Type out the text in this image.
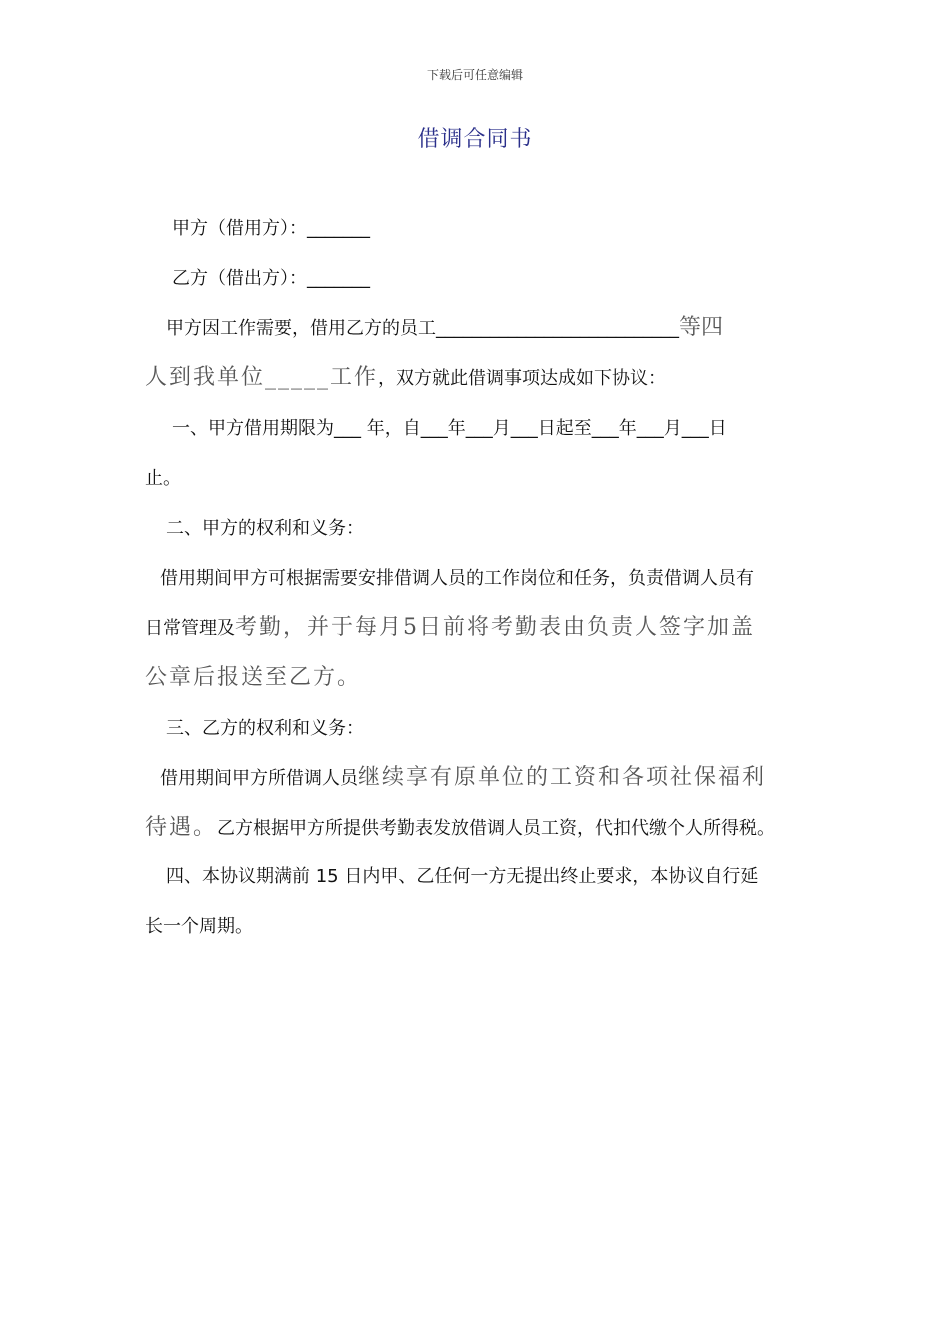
下载后可任意编辑
借调合同书
甲方（借用方）：_______
乙方（借出方）：_______
甲方因工作需要，借用乙方的员工___________________________等四
人到我单位_____工作，双方就此借调事项达成如下协议：
一、甲方借用期限为___ 年，自___年___月___日起至___年___月___日
止。
二、甲方的权利和义务：
借用期间甲方可根据需要安排借调人员的工作岗位和任务，负责借调人员有
日常管理及考勤，并于每月5日前将考勤表由负责人签字加盖
公章后报送至乙方。
三、乙方的权利和义务：
借用期间甲方所借调人员继续享有原单位的工资和各项社保福利
待遇。乙方根据甲方所提供考勤表发放借调人员工资，代扣代缴个人所得税。
四、本协议期满前 15 日内甲、乙任何一方无提出终止要求，本协议自行延
长一个周期。
